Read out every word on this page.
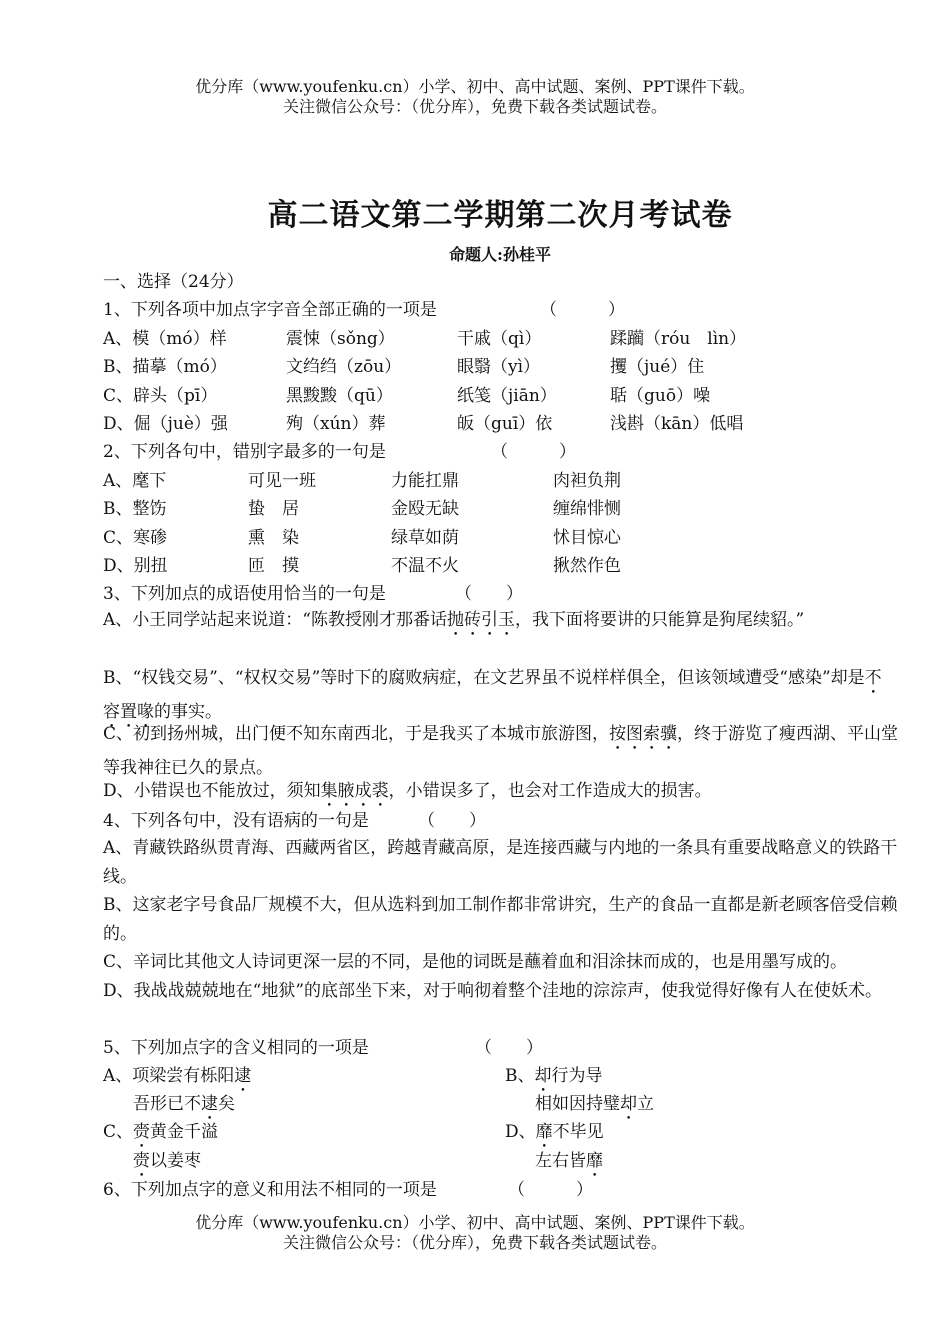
优分库（www.youfenku.cn）小学、初中、高中试题、案例、PPT课件下载。
关注微信公众号：（优分库），免费下载各类试题试卷。
高二语文第二学期第二次月考试卷
命题人:孙桂平
一、选择（24分）
1、下列各项中加点字字音全部正确的一项是	（　　　）
A、模（mó）样	震悚（sǒng）	干戚（qì）	蹂躏（róu　lìn）
B、描摹（mó）	文绉绉（zōu）	眼翳（yì）	攫（jué）住
C、辟头（pī）	黑黢黢（qū）	纸笺（jiān）	聒（guō）噪
D、倔（juè）强	殉（xún）葬	皈（guī）依	浅斟（kān）低唱
2、下列各句中，错别字最多的一句是	（　　　）
A、麾下	可见一班	力能扛鼎	肉袒负荆
B、整饬	蛰　居	金殴无缺	缠绵悱恻
C、寒碜	熏　染	绿草如荫	怵目惊心
D、别扭	匝　摸	不温不火	揪然作色
3、下列加点的成语使用恰当的一句是	（　　）
A、小王同学站起来说道：“陈教授刚才那番话抛砖引玉，我下面将要讲的只能算是狗尾续貂。”
B、“权钱交易”、“权权交易”等时下的腐败病症，在文艺界虽不说样样俱全，但该领域遭受“感染”却是不容置喙的事实。
C、初到扬州城，出门便不知东南西北，于是我买了本城市旅游图，按图索骥，终于游览了瘦西湖、平山堂等我神往已久的景点。
D、小错误也不能放过，须知集腋成裘，小错误多了，也会对工作造成大的损害。
4、下列各句中，没有语病的一句是	（　　）
A、青藏铁路纵贯青海、西藏两省区，跨越青藏高原，是连接西藏与内地的一条具有重要战略意义的铁路干线。
B、这家老字号食品厂规模不大，但从选料到加工制作都非常讲究，生产的食品一直都是新老顾客倍受信赖的。
C、辛词比其他文人诗词更深一层的不同，是他的词既是蘸着血和泪涂抹而成的，也是用墨写成的。
D、我战战兢兢地在“地狱”的底部坐下来，对于响彻着整个洼地的淙淙声，使我觉得好像有人在使妖术。
5、下列加点字的含义相同的一项是	（　　）
A、项梁尝有栎阳逮	B、却行为导
吾形已不逮矣	相如因持璧却立
C、赍黄金千溢	D、靡不毕见
赍以姜枣	左右皆靡
6、下列加点字的意义和用法不相同的一项是	（　　　）
优分库（www.youfenku.cn）小学、初中、高中试题、案例、PPT课件下载。
关注微信公众号：（优分库），免费下载各类试题试卷。
